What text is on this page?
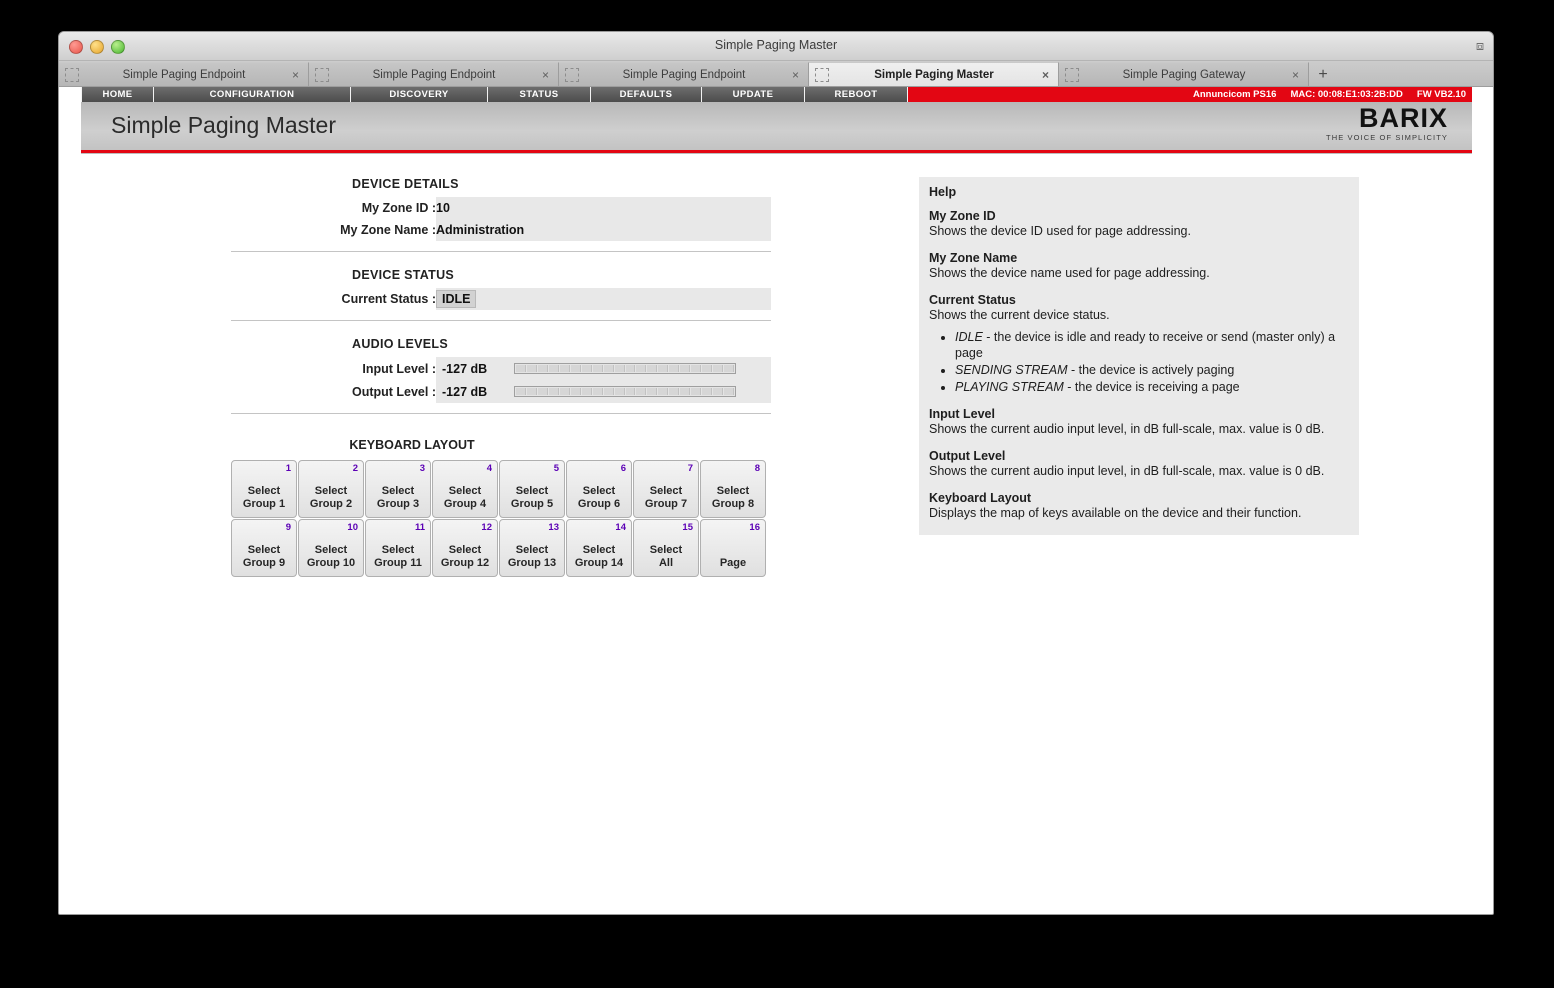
Simple Paging Master	⧈
Simple Paging Endpoint	×	Simple Paging Endpoint	×	Simple Paging Endpoint	×	Simple Paging Master	×	Simple Paging Gateway	×	+
HOME	CONFIGURATION	DISCOVERY	STATUS	DEFAULTS	UPDATE	REBOOT	Annuncicom PS16 MAC: 00:08:E1:03:2B:DD FW VB2.10
Simple Paging Master	BARIX
THE VOICE OF SIMPLICITY
DEVICE DETAILS
My Zone ID :	10
My Zone Name :	Administration
DEVICE STATUS
Current Status :	IDLE
AUDIO LEVELS
Input Level :	-127 dB

Output Level :	-127 dB
KEYBOARD LAYOUT
1
Select
Group 1
2
Select
Group 2
3
Select
Group 3
4
Select
Group 4
5
Select
Group 5
6
Select
Group 6
7
Select
Group 7
8
Select
Group 8
9
Select
Group 9
10
Select
Group 10
11
Select
Group 11
12
Select
Group 12
13
Select
Group 13
14
Select
Group 14
15
Select
All
16
Page
Help
My Zone ID
Shows the device ID used for page addressing.
My Zone Name
Shows the device name used for page addressing.
Current Status
Shows the current device status.
• IDLE - the device is idle and ready to receive or send (master only) a page
• SENDING STREAM - the device is actively paging
• PLAYING STREAM - the device is receiving a page
Input Level
Shows the current audio input level, in dB full-scale, max. value is 0 dB.
Output Level
Shows the current audio input level, in dB full-scale, max. value is 0 dB.
Keyboard Layout
Displays the map of keys available on the device and their function.
